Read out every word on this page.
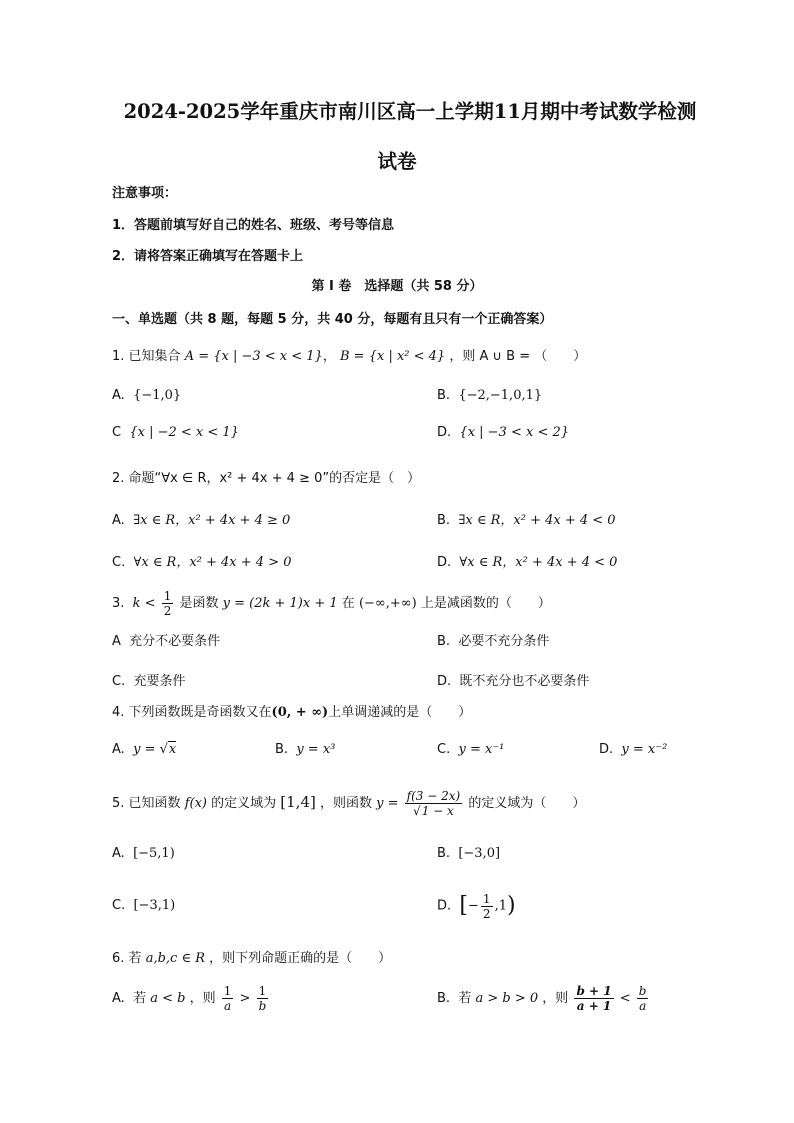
2024-2025学年重庆市南川区高一上学期11月期中考试数学检测
试卷
注意事项：
1．答题前填写好自己的姓名、班级、考号等信息
2．请将答案正确填写在答题卡上
第 I 卷　选择题（共 58 分）
一、单选题（共 8 题，每题 5 分，共 40 分，每题有且只有一个正确答案）
1. 已知集合 A = {x | −3 < x < 1}， B = {x | x² < 4} ，则 A ∪ B = （　　）
A. {−1,0}	B. {−2,−1,0,1}
C {x | −2 < x < 1}	D. {x | −3 < x < 2}
2. 命题“∀x ∈ R，x² + 4x + 4 ≥ 0”的否定是（　）
A. ∃x ∈ R，x² + 4x + 4 ≥ 0	B. ∃x ∈ R，x² + 4x + 4 < 0
C. ∀x ∈ R，x² + 4x + 4 > 0	D. ∀x ∈ R，x² + 4x + 4 < 0
3. $k < \frac{1}{2}$ 是函数 y = (2k + 1)x + 1 在 (−∞,+∞) 上是减函数的（　　）
A 充分不必要条件	B. 必要不充分条件
C. 充要条件	D. 既不充分也不必要条件
4. 下列函数既是奇函数又在(0, + ∞)上单调递减的是（　　）
A. y = √x	B. y = x³	C. y = x⁻¹	D. y = x⁻²
5. 已知函数 f(x) 的定义域为 [1,4] ，则函数 $y = \frac{f(3 - 2x)}{√1 - x}$ 的定义域为（　　）
A. [−5,1)	B. [−3,0]
C. [−3,1)	D. [− $\frac{1}{2} ,1$)
6. 若 a,b,c ∈ R ，则下列命题正确的是（　　）
A. 若 a < b ，则 $\frac{1}{a} > \frac{1}{b}$	B. 若 a > b > 0 ，则 $\frac{b + 1}{a + 1} < \frac{b}{a}$
